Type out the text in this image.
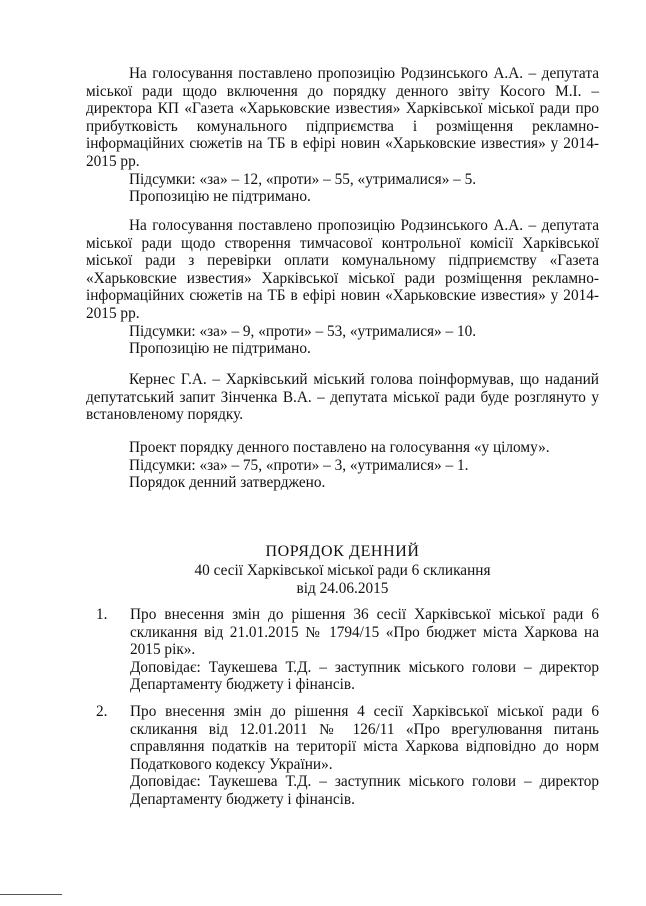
На голосування поставлено пропозицію Родзинського А.А. – депутата міської ради щодо включення до порядку денного звіту Косого М.І. – директора КП «Газета «Харьковские известия» Харківської міської ради про прибутковість комунального підприємства і розміщення рекламно-інформаційних сюжетів на ТБ в ефірі новин «Харьковские известия» у 2014-2015 рр.

Підсумки: «за» – 12, «проти» – 55, «утрималися» – 5.

Пропозицію не підтримано.

На голосування поставлено пропозицію Родзинського А.А. – депутата міської ради щодо створення тимчасової контрольної комісії Харківської міської ради з перевірки оплати комунальному підприємству «Газета «Харьковские известия» Харківської міської ради розміщення рекламно-інформаційних сюжетів на ТБ в ефірі новин «Харьковские известия» у 2014-2015 рр.

Підсумки: «за» – 9, «проти» – 53, «утрималися» – 10.

Пропозицію не підтримано.

Кернес Г.А. – Харківський міський голова поінформував, що наданий депутатський запит Зінченка В.А. – депутата міської ради буде розглянуто у встановленому порядку.

Проект порядку денного поставлено на голосування «у цілому».

Підсумки: «за» – 75, «проти» – 3, «утрималися» – 1.

Порядок денний затверджено.

ПОРЯДОК ДЕННИЙ
40 сесії Харківської міської ради 6 скликання
від 24.06.2015
1. Про внесення змін до рішення 36 сесії Харківської міської ради 6 скликання від 21.01.2015 № 1794/15 «Про бюджет міста Харкова на 2015 рік».

Доповідає: Таукешева Т.Д. – заступник міського голови – директор Департаменту бюджету і фінансів.

2. Про внесення змін до рішення 4 сесії Харківської міської ради 6 скликання від 12.01.2011 № 126/11 «Про врегулювання питань справляння податків на території міста Харкова відповідно до норм Податкового кодексу України».

Доповідає: Таукешева Т.Д. – заступник міського голови – директор Департаменту бюджету і фінансів.
